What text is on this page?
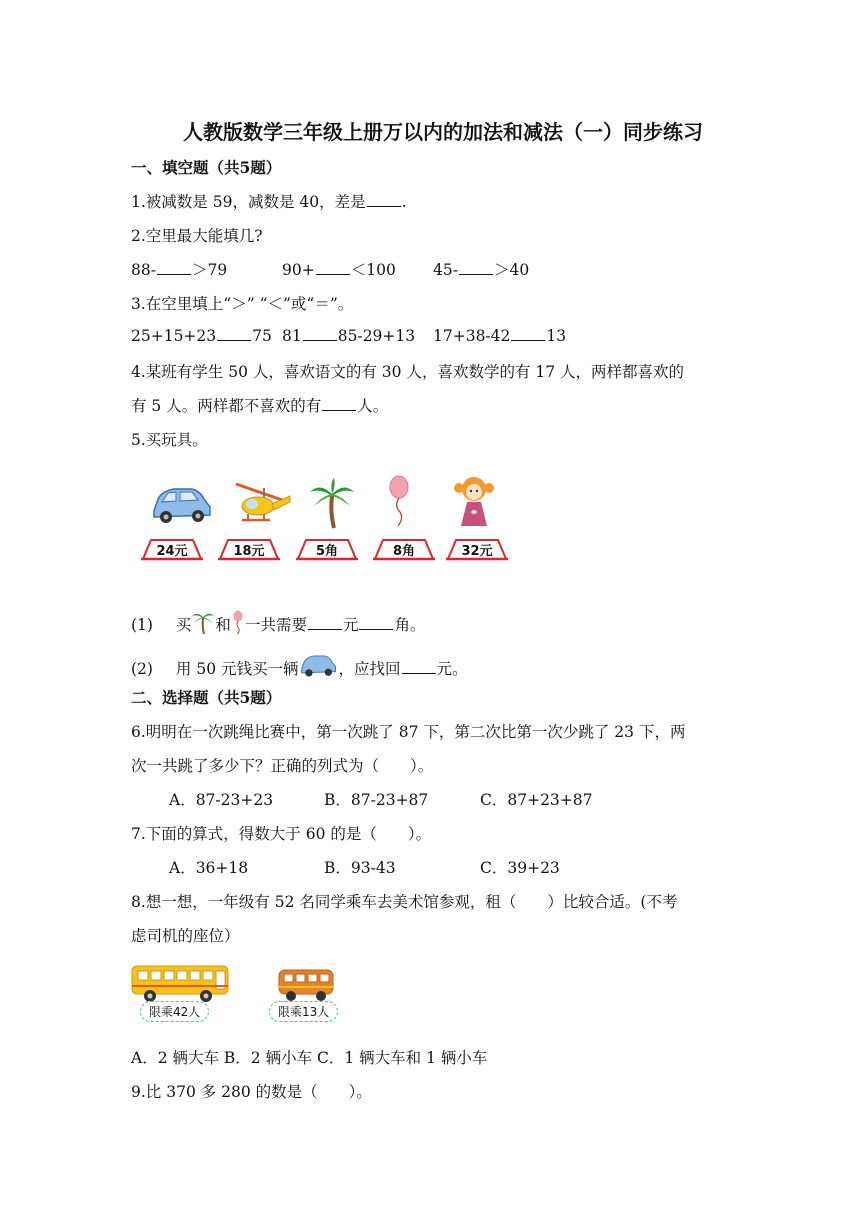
人教版数学三年级上册万以内的加法和减法（一）同步练习
一、填空题（共5题）
1.被减数是 59，减数是 40，差是 .
2.空里最大能填几?
88- ＞79	90+ ＜100 45- ＞40
3.在空里填上“＞” “＜”或“＝”。
25+15+23 75 81 85-29+13 17+38-42 13
4.某班有学生 50 人，喜欢语文的有 30 人，喜欢数学的有 17 人，两样都喜欢的
有 5 人。两样都不喜欢的有 人。
5.买玩具。
24元	18元	5角	8角	32元
(1) 买 和 一共需要 元 角。
(2) 用 50 元钱买一辆	，应找回 元。
二、选择题（共5题）
6.明明在一次跳绳比赛中，第一次跳了 87 下，第二次比第一次少跳了 23 下，两
次一共跳了多少下？正确的列式为（　　）。
A．87-23+23	B．87-23+87	C．87+23+87
7.下面的算式，得数大于 60 的是（　　）。
A．36+18	B．93-43	C．39+23
8.想一想，一年级有 52 名同学乘车去美术馆参观，租（　　）比较合适。(不考
虑司机的座位）
限乘42人	限乘13人
A．2 辆大车 B．2 辆小车 C．1 辆大车和 1 辆小车
9.比 370 多 280 的数是（　　）。
